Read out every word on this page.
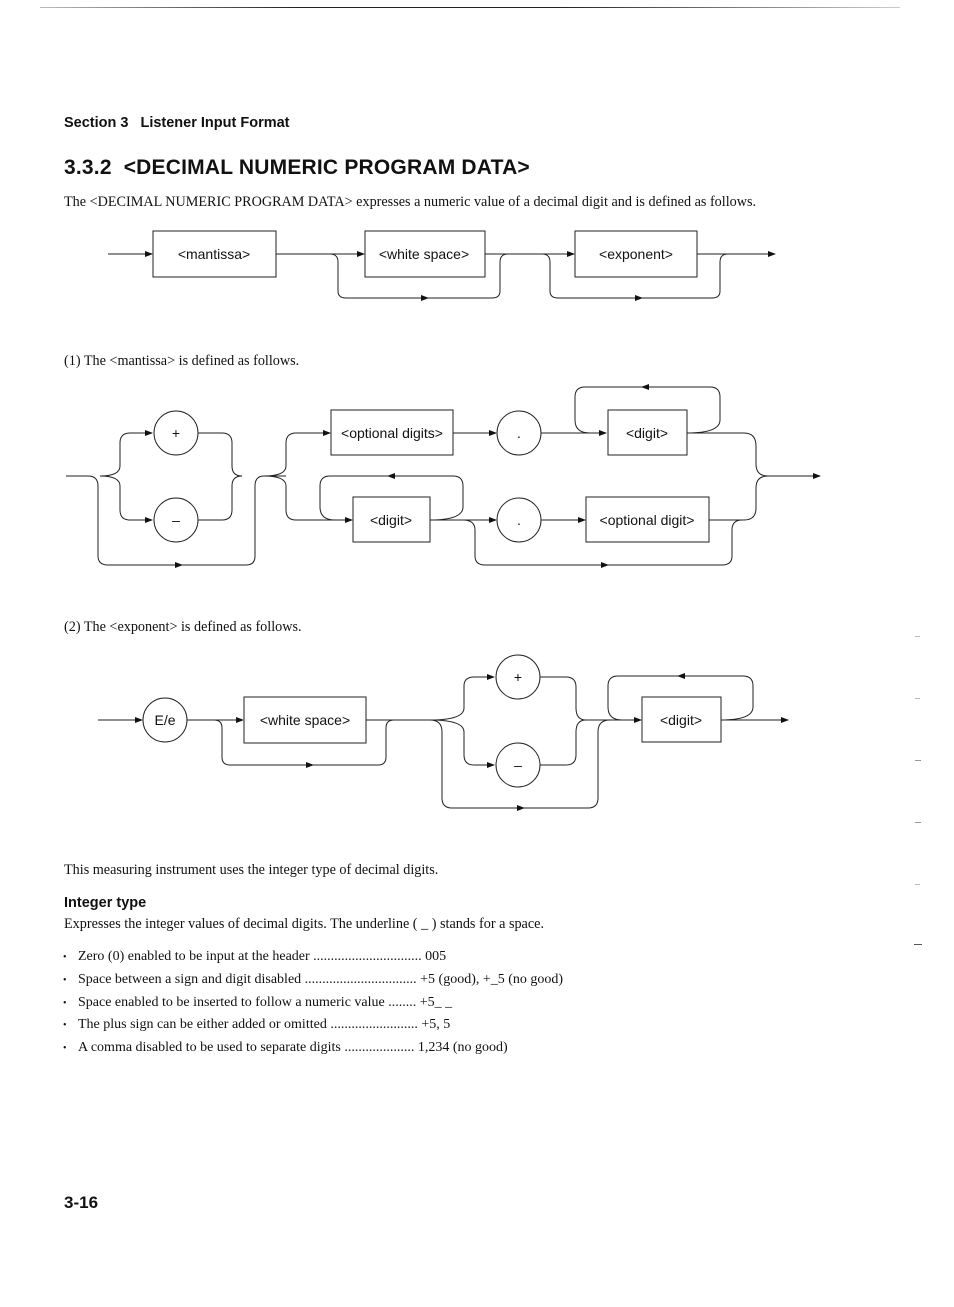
Section 3 Listener Input Format
3.3.2 <DECIMAL NUMERIC PROGRAM DATA>
The <DECIMAL NUMERIC PROGRAM DATA> expresses a numeric value of a decimal digit and is defined as follows.
<mantissa>	<white space>	<exponent>
(1) The <mantissa> is defined as follows.
+
–
<optional digits>	.	<digit>
<digit>	.	<optional digit>
(2) The <exponent> is defined as follows.
E/e	<white space>
+
–
<digit>
This measuring instrument uses the integer type of decimal digits.
Integer type
Expresses the integer values of decimal digits. The underline ( _ ) stands for a space.
• Zero (0) enabled to be input at the header ............................... 005
• Space between a sign and digit disabled ................................ +5 (good), +_5 (no good)
• Space enabled to be inserted to follow a numeric value ........ +5_ _
• The plus sign can be either added or omitted ......................... +5, 5
• A comma disabled to be used to separate digits .................... 1,234 (no good)
3-16
